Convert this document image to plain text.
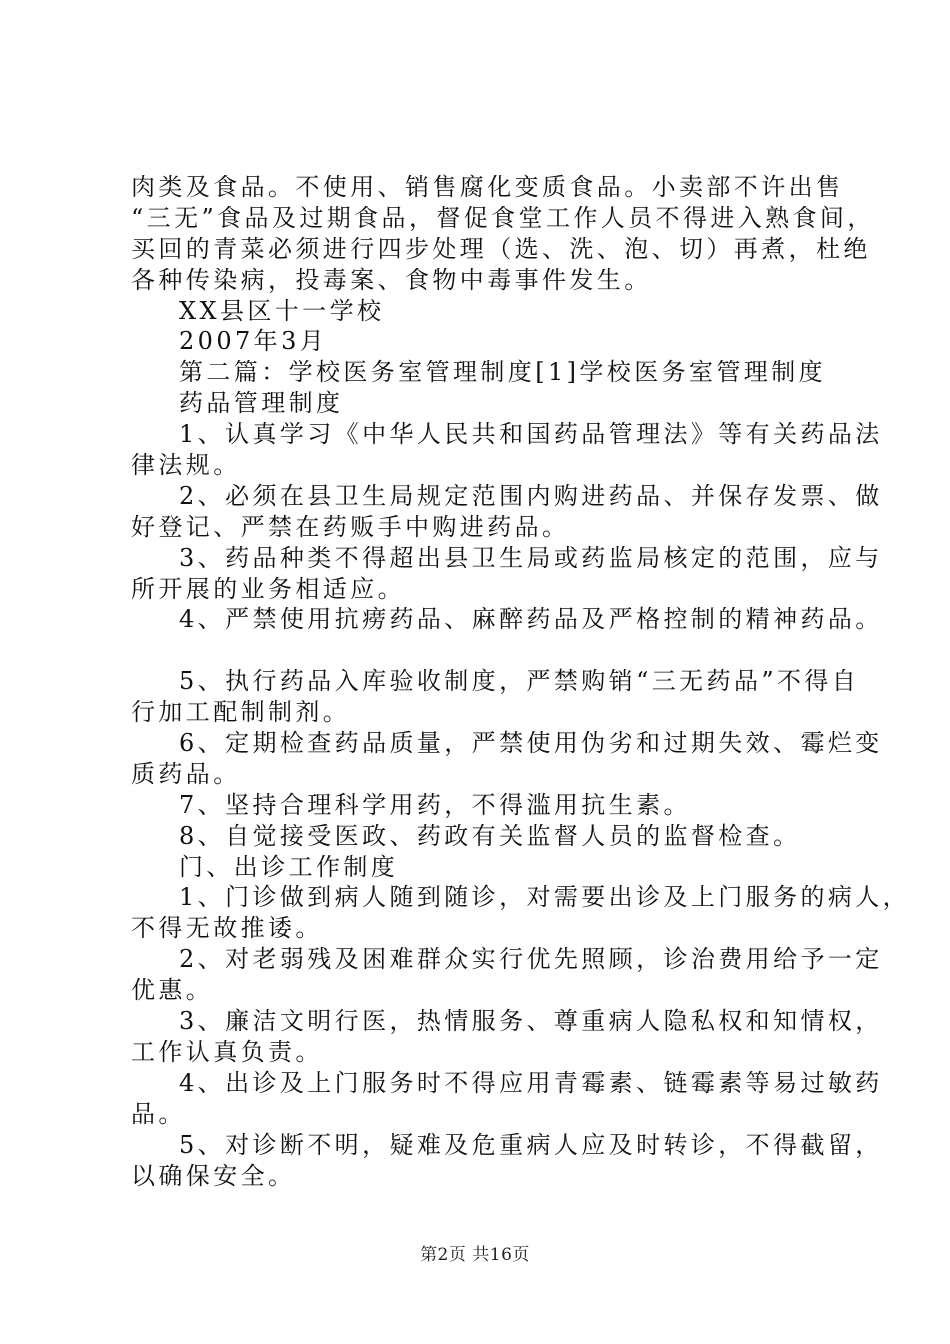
肉类及食品。不使用、销售腐化变质食品。小卖部不许出售
“三无”食品及过期食品，督促食堂工作人员不得进入熟食间，
买回的青菜必须进行四步处理（选、洗、泡、切）再煮，杜绝
各种传染病，投毒案、食物中毒事件发生。
XX县区十一学校
2007年3月
第二篇：学校医务室管理制度[1]学校医务室管理制度
药品管理制度
1、认真学习《中华人民共和国药品管理法》等有关药品法
律法规。
2、必须在县卫生局规定范围内购进药品、并保存发票、做
好登记、严禁在药贩手中购进药品。
3、药品种类不得超出县卫生局或药监局核定的范围，应与
所开展的业务相适应。
4、严禁使用抗痨药品、麻醉药品及严格控制的精神药品。
5、执行药品入库验收制度，严禁购销“三无药品”不得自
行加工配制制剂。
6、定期检查药品质量，严禁使用伪劣和过期失效、霉烂变
质药品。
7、坚持合理科学用药，不得滥用抗生素。
8、自觉接受医政、药政有关监督人员的监督检查。
门、出诊工作制度
1、门诊做到病人随到随诊，对需要出诊及上门服务的病人，
不得无故推诿。
2、对老弱残及困难群众实行优先照顾，诊治费用给予一定
优惠。
3、廉洁文明行医，热情服务、尊重病人隐私权和知情权，
工作认真负责。
4、出诊及上门服务时不得应用青霉素、链霉素等易过敏药
品。
5、对诊断不明，疑难及危重病人应及时转诊，不得截留，
以确保安全。
第2页 共16页
